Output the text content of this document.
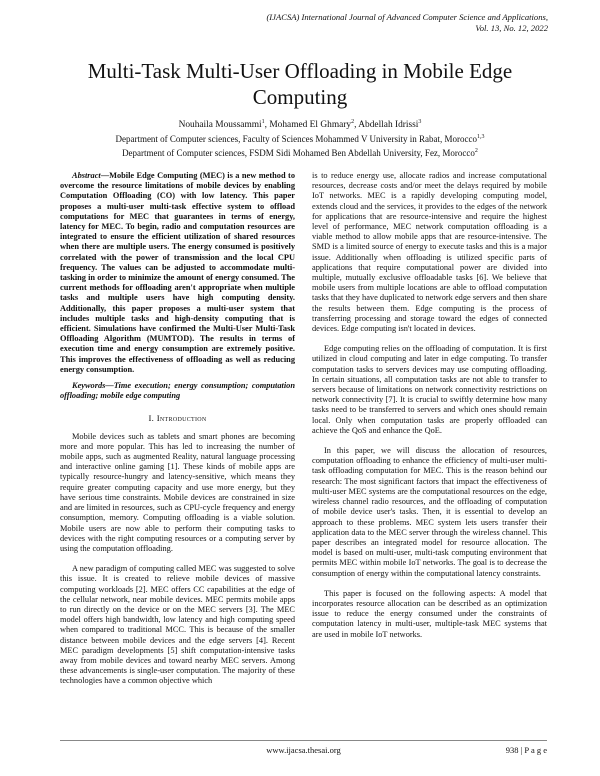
(IJACSA) International Journal of Advanced Computer Science and Applications,
Vol. 13, No. 12, 2022
Multi-Task Multi-User Offloading in Mobile Edge Computing
Nouhaila Moussammi$^1$, Mohamed El Ghmary$^2$, Abdellah Idrissi$^3$
Department of Computer sciences, Faculty of Sciences Mohammed V University in Rabat, Morocco$^{1,3}$
Department of Computer sciences, FSDM Sidi Mohamed Ben Abdellah University, Fez, Morocco$^2$

Abstract—Mobile Edge Computing (MEC) is a new method to overcome the resource limitations of mobile devices by enabling Computation Offloading (CO) with low latency. This paper proposes a multi-user multi-task effective system to offload computations for MEC that guarantees in terms of energy, latency for MEC. To begin, radio and computation resources are integrated to ensure the efficient utilization of shared resources when there are multiple users. The energy consumed is positively correlated with the power of transmission and the local CPU frequency. The values can be adjusted to accommodate multi-tasking in order to minimize the amount of energy consumed. The current methods for offloading aren't appropriate when multiple tasks and multiple users have high computing density. Additionally, this paper proposes a multi-user system that includes multiple tasks and high-density computing that is efficient. Simulations have confirmed the Multi-User Multi-Task Offloading Algorithm (MUMTOD). The results in terms of execution time and energy consumption are extremely positive. This improves the effectiveness of offloading as well as reducing energy consumption.

Keywords—Time execution; energy consumption; computation offloading; mobile edge computing

I. Introduction

Mobile devices such as tablets and smart phones are becoming more and more popular. This has led to increasing the number of mobile apps, such as augmented Reality, natural language processing and interactive online gaming [1]. These kinds of mobile apps are typically resource-hungry and latency-sensitive, which means they require greater computing capacity and use more energy, but they have serious time constraints. Mobile devices are constrained in size and are limited in resources, such as CPU-cycle frequency and energy consumption, memory. Computing offloading is a viable solution. Mobile users are now able to perform their computing tasks to devices with the right computing resources or a computing server by using the computation offloading.

A new paradigm of computing called MEC was suggested to solve this issue. It is created to relieve mobile devices of massive computing workloads [2]. MEC offers CC capabilities at the edge of the cellular network, near mobile devices. MEC permits mobile apps to run directly on the device or on the MEC servers [3]. The MEC model offers high bandwidth, low latency and high computing speed when compared to traditional MCC. This is because of the smaller distance between mobile devices and the edge servers [4]. Recent MEC paradigm developments [5] shift computation-intensive tasks away from mobile devices and toward nearby MEC servers. Among these advancements is single-user computation. The majority of these technologies have a common objective which

is to reduce energy use, allocate radios and increase computational resources, decrease costs and/or meet the delays required by mobile IoT networks. MEC is a rapidly developing computing model, extends cloud and the services, it provides to the edges of the network for applications that are resource-intensive and require the highest level of performance, MEC network computation offloading is a viable method to allow mobile apps that are resource-intensive. The SMD is a limited source of energy to execute tasks and this is a major issue. Additionally when offloading is utilized specific parts of applications that require computational power are divided into multiple, mutually exclusive offloadable tasks [6]. We believe that mobile users from multiple locations are able to offload computation tasks that they have duplicated to network edge servers and then share the results between them. Edge computing is the process of transferring processing and storage toward the edges of connected devices. Edge computing isn't located in devices.

Edge computing relies on the offloading of computation. It is first utilized in cloud computing and later in edge computing. To transfer computation tasks to servers devices may use computing offloading. In certain situations, all computation tasks are not able to transfer to servers because of limitations on network connectivity restrictions on network connectivity [7]. It is crucial to swiftly determine how many tasks need to be transferred to servers and which ones should remain local. Only when computation tasks are properly offloaded can achieve the QoS and enhance the QoE.

In this paper, we will discuss the allocation of resources, computation offloading to enhance the efficiency of multi-user multi-task offloading computation for MEC. This is the reason behind our research: The most significant factors that impact the effectiveness of multi-user MEC systems are the computational resources on the edge, wireless channel radio resources, and the offloading of computation of mobile device user's tasks. Then, it is essential to develop an approach to these problems. MEC system lets users transfer their application data to the MEC server through the wireless channel. This paper describes an integrated model for resource allocation. The model is based on multi-user, multi-task computing environment that permits MEC within mobile IoT networks. The goal is to decrease the consumption of energy within the computational latency constraints.

This paper is focused on the following aspects: A model that incorporates resource allocation can be described as an optimization issue to reduce the energy consumed under the constraints of computation latency in multi-user, multiple-task MEC systems that are used in mobile IoT networks.

www.ijacsa.thesai.org	938 | P a g e
